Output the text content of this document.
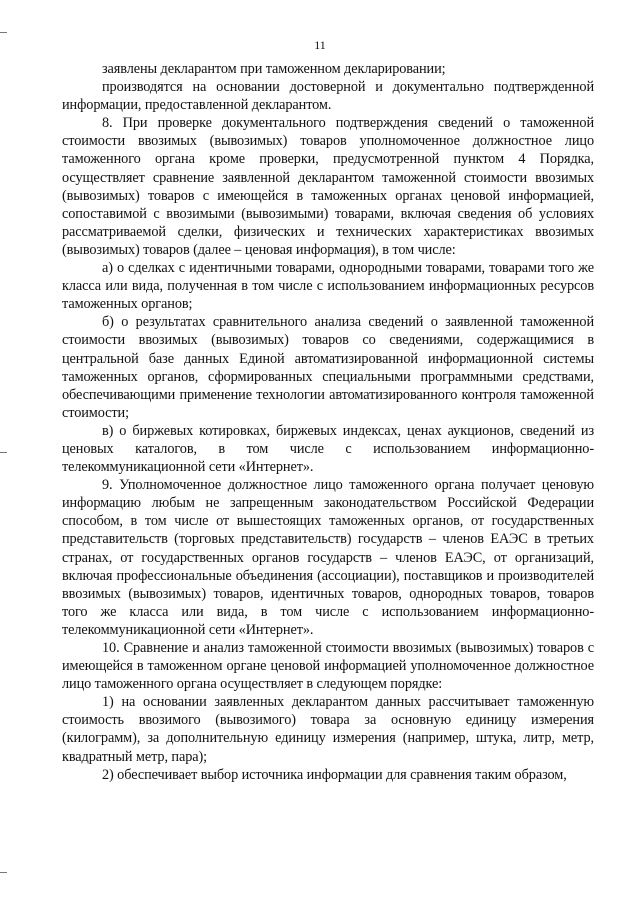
11

заявлены декларантом при таможенном декларировании;

производятся на основании достоверной и документально подтвержденной информации, предоставленной декларантом.

8. При проверке документального подтверждения сведений о таможенной стоимости ввозимых (вывозимых) товаров уполномоченное должностное лицо таможенного органа кроме проверки, предусмотренной пунктом 4 Порядка, осуществляет сравнение заявленной декларантом таможенной стоимости ввозимых (вывозимых) товаров с имеющейся в таможенных органах ценовой информацией, сопоставимой с ввозимыми (вывозимыми) товарами, включая сведения об условиях рассматриваемой сделки, физических и технических характеристиках ввозимых (вывозимых) товаров (далее – ценовая информация), в том числе:

а) о сделках с идентичными товарами, однородными товарами, товарами того же класса или вида, полученная в том числе с использованием информационных ресурсов таможенных органов;

б) о результатах сравнительного анализа сведений о заявленной таможенной стоимости ввозимых (вывозимых) товаров со сведениями, содержащимися в центральной базе данных Единой автоматизированной информационной системы таможенных органов, сформированных специальными программными средствами, обеспечивающими применение технологии автоматизированного контроля таможенной стоимости;

в) о биржевых котировках, биржевых индексах, ценах аукционов, сведений из ценовых каталогов, в том числе с использованием информационно-телекоммуникационной сети «Интернет».

9. Уполномоченное должностное лицо таможенного органа получает ценовую информацию любым не запрещенным законодательством Российской Федерации способом, в том числе от вышестоящих таможенных органов, от государственных представительств (торговых представительств) государств – членов ЕАЭС в третьих странах, от государственных органов государств – членов ЕАЭС, от организаций, включая профессиональные объединения (ассоциации), поставщиков и производителей ввозимых (вывозимых) товаров, идентичных товаров, однородных товаров, товаров того же класса или вида, в том числе с использованием информационно-телекоммуникационной сети «Интернет».

10. Сравнение и анализ таможенной стоимости ввозимых (вывозимых) товаров с имеющейся в таможенном органе ценовой информацией уполномоченное должностное лицо таможенного органа осуществляет в следующем порядке:

1) на основании заявленных декларантом данных рассчитывает таможенную стоимость ввозимого (вывозимого) товара за основную единицу измерения (килограмм), за дополнительную единицу измерения (например, штука, литр, метр, квадратный метр, пара);

2) обеспечивает выбор источника информации для сравнения таким образом,
